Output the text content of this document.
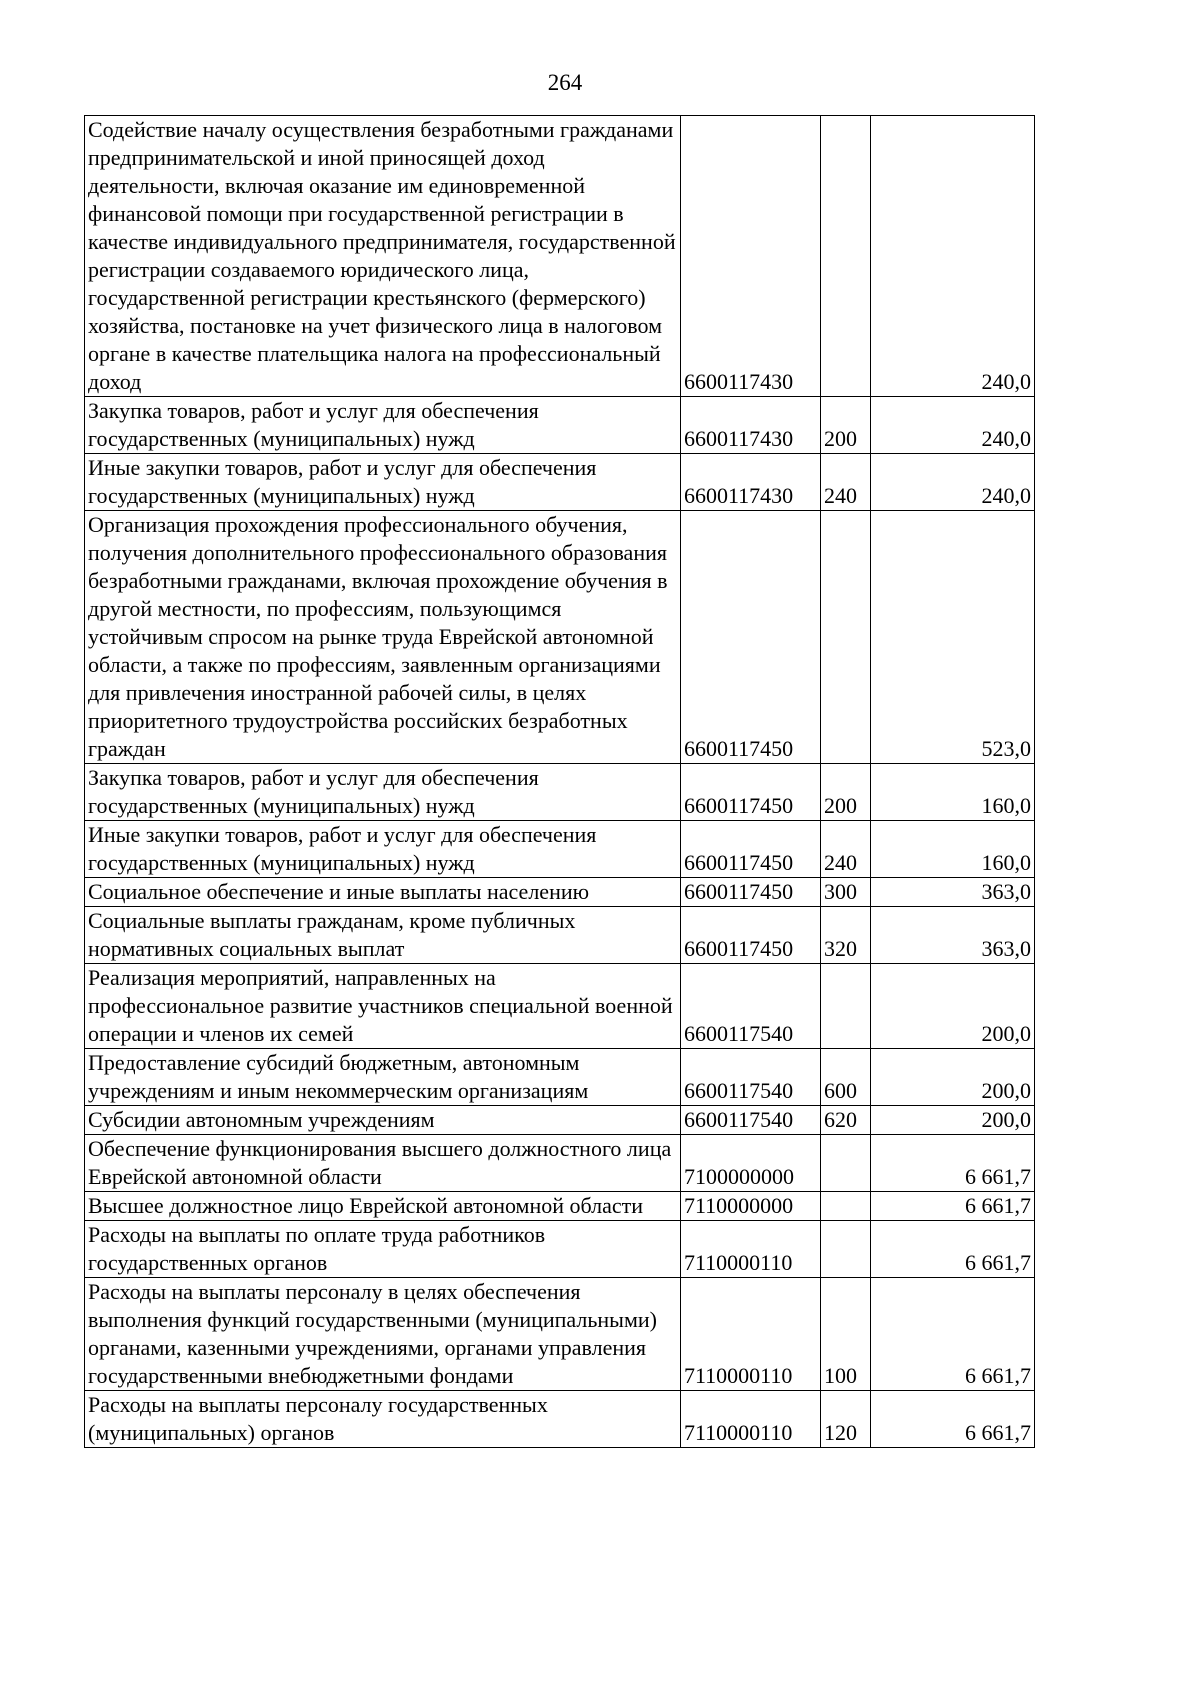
264
Содействие началу осуществления безработными гражданами предпринимательской и иной приносящей доход деятельности, включая оказание им единовременной финансовой помощи при государственной регистрации в качестве индивидуального предпринимателя, государственной регистрации создаваемого юридического лица, государственной регистрации крестьянского (фермерского) хозяйства, постановке на учет физического лица в налоговом органе в качестве плательщика налога на профессиональный доход	6600117430		240,0
Закупка товаров, работ и услуг для обеспечения государственных (муниципальных) нужд	6600117430	200	240,0
Иные закупки товаров, работ и услуг для обеспечения государственных (муниципальных) нужд	6600117430	240	240,0
Организация прохождения профессионального обучения, получения дополнительного профессионального образования безработными гражданами, включая прохождение обучения в другой местности, по профессиям, пользующимся устойчивым спросом на рынке труда Еврейской автономной области, а также по профессиям, заявленным организациями для привлечения иностранной рабочей силы, в целях приоритетного трудоустройства российских безработных граждан	6600117450		523,0
Закупка товаров, работ и услуг для обеспечения государственных (муниципальных) нужд	6600117450	200	160,0
Иные закупки товаров, работ и услуг для обеспечения государственных (муниципальных) нужд	6600117450	240	160,0
Социальное обеспечение и иные выплаты населению	6600117450	300	363,0
Социальные выплаты гражданам, кроме публичных нормативных социальных выплат	6600117450	320	363,0
Реализация мероприятий, направленных на профессиональное развитие участников специальной военной операции и членов их семей	6600117540		200,0
Предоставление субсидий бюджетным, автономным учреждениям и иным некоммерческим организациям	6600117540	600	200,0
Субсидии автономным учреждениям	6600117540	620	200,0
Обеспечение функционирования высшего должностного лица Еврейской автономной области	7100000000		6 661,7
Высшее должностное лицо Еврейской автономной области	7110000000		6 661,7
Расходы на выплаты по оплате труда работников государственных органов	7110000110		6 661,7
Расходы на выплаты персоналу в целях обеспечения выполнения функций государственными (муниципальными) органами, казенными учреждениями, органами управления государственными внебюджетными фондами	7110000110	100	6 661,7
Расходы на выплаты персоналу государственных (муниципальных) органов	7110000110	120	6 661,7
